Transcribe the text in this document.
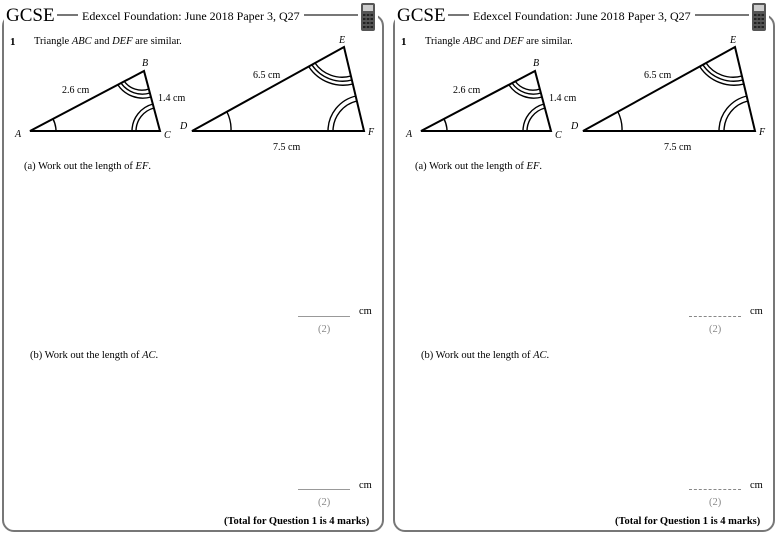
GCSE	Edexcel Foundation: June 2018 Paper 3, Q27
1 Triangle ABC and DEF are similar.
A
B
C
2.6 cm
1.4 cm
D
E
F
6.5 cm
7.5 cm
(a) Work out the length of EF.
cm
(2)
(b) Work out the length of AC.
cm
(2)
(Total for Question 1 is 4 marks)
GCSE	Edexcel Foundation: June 2018 Paper 3, Q27
1 Triangle ABC and DEF are similar.
A
B
C
2.6 cm
1.4 cm
D
E
F
6.5 cm
7.5 cm
(a) Work out the length of EF.
cm
(2)
(b) Work out the length of AC.
cm
(2)
(Total for Question 1 is 4 marks)
